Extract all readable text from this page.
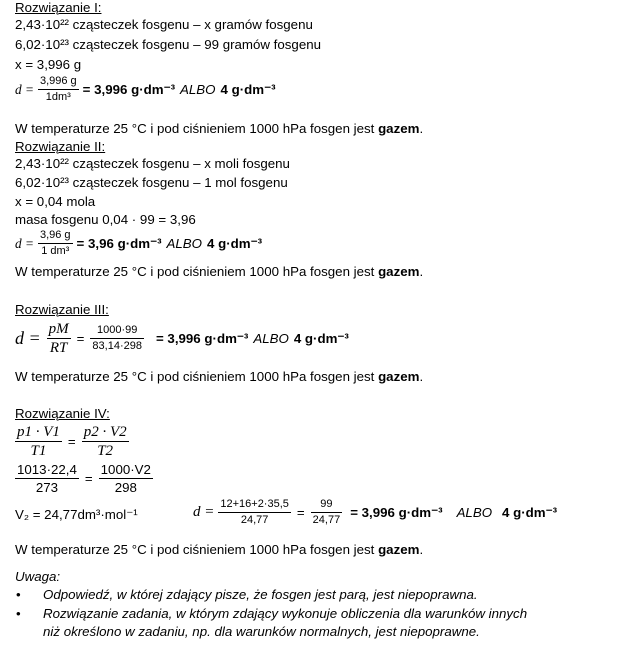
Rozwiązanie I:
2,43·10²² cząsteczek fosgenu – x gramów fosgenu
6,02·10²³ cząsteczek fosgenu – 99 gramów fosgenu
x = 3,996 g
$d = \frac{3,996 g}{\text{1dm³}} = 3,996$ g·dm⁻³ ALBO 4 g·dm⁻³
W temperaturze 25 °C i pod ciśnieniem 1000 hPa fosgen jest gazem.
Rozwiązanie II:
2,43·10²² cząsteczek fosgenu – x moli fosgenu
6,02·10²³ cząsteczek fosgenu – 1 mol fosgenu
x = 0,04 mola
masa fosgenu 0,04 · 99 = 3,96
$d = \frac{3,96 g}{\text{1 dm³}} = 3,96$ g·dm⁻³ ALBO 4 g·dm⁻³
W temperaturze 25 °C i pod ciśnieniem 1000 hPa fosgen jest gazem.
Rozwiązanie III:
$d = \frac{pM}{RT} = \frac{1000\cdot 99}{83,14\cdot 298} = 3,996$ g·dm⁻³ ALBO 4 g·dm⁻³
W temperaturze 25 °C i pod ciśnieniem 1000 hPa fosgen jest gazem.
Rozwiązanie IV:
$\frac{p1 \cdot V1}{T1} = \frac{p2 \cdot V2}{T2}$
$\frac{1013\cdot 22,4}{273} = \frac{1000\cdot V2}{298}$
V₂ = 24,77dm³·mol⁻¹	$d = \frac{12+16+2\cdot 35,5}{24,77} = \frac{99}{24,77} = 3,996$ g·dm⁻³ ALBO 4 g·dm⁻³
W temperaturze 25 °C i pod ciśnieniem 1000 hPa fosgen jest gazem.
Uwaga:
• Odpowiedź, w której zdający pisze, że fosgen jest parą, jest niepoprawna.
• Rozwiązanie zadania, w którym zdający wykonuje obliczenia dla warunków innych
niż określono w zadaniu, np. dla warunków normalnych, jest niepoprawne.
